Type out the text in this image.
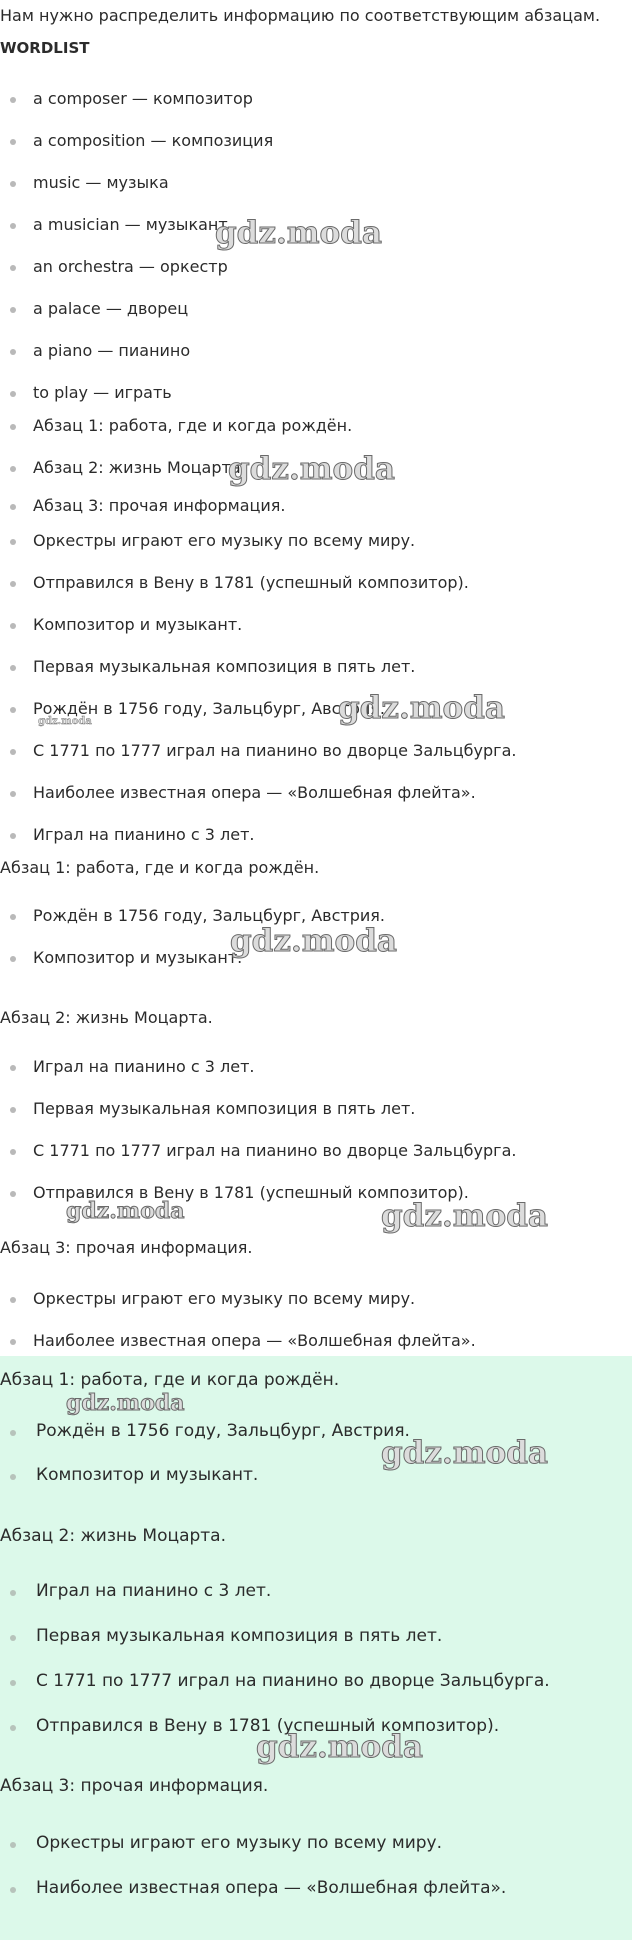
Нам нужно распределить информацию по соответствующим абзацам.
WORDLIST
a composer — композитор
a composition — композиция
music — музыка
a musician — музыкант
an orchestra — оркестр
a palace — дворец
a piano — пианино
to play — играть
Абзац 1: работа, где и когда рождён.
Абзац 2: жизнь Моцарта.
Абзац 3: прочая информация.
Оркестры играют его музыку по всему миру.
Отправился в Вену в 1781 (успешный композитор).
Композитор и музыкант.
Первая музыкальная композиция в пять лет.
Рождён в 1756 году, Зальцбург, Австрия.
С 1771 по 1777 играл на пианино во дворце Зальцбурга.
Наиболее известная опера — «Волшебная флейта».
Играл на пианино с 3 лет.
Абзац 1: работа, где и когда рождён.
Рождён в 1756 году, Зальцбург, Австрия.
Композитор и музыкант.
Абзац 2: жизнь Моцарта.
Играл на пианино с 3 лет.
Первая музыкальная композиция в пять лет.
С 1771 по 1777 играл на пианино во дворце Зальцбурга.
Отправился в Вену в 1781 (успешный композитор).
Абзац 3: прочая информация.
Оркестры играют его музыку по всему миру.
Наиболее известная опера — «Волшебная флейта».
Абзац 1: работа, где и когда рождён.
Рождён в 1756 году, Зальцбург, Австрия.
Композитор и музыкант.
Абзац 2: жизнь Моцарта.
Играл на пианино с 3 лет.
Первая музыкальная композиция в пять лет.
С 1771 по 1777 играл на пианино во дворце Зальцбурга.
Отправился в Вену в 1781 (успешный композитор).
Абзац 3: прочая информация.
Оркестры играют его музыку по всему миру.
Наиболее известная опера — «Волшебная флейта».
gdz.moda
gdz.moda
gdz.moda
gdz.moda
gdz.moda
gdz.moda
gdz.moda
gdz.moda
gdz.moda
gdz.moda
